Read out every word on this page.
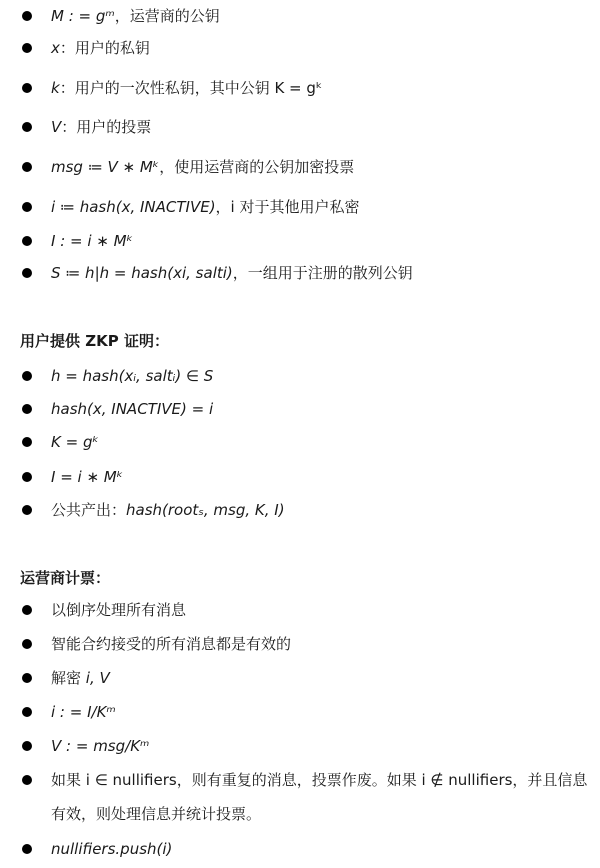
M : = gᵐ，运营商的公钥
x：用户的私钥
k：用户的一次性私钥，其中公钥 K = gᵏ
V：用户的投票
msg ≔ V ∗ Mᵏ，使用运营商的公钥加密投票
i ≔ hash(x, INACTIVE)，i 对于其他用户私密
I : = i ∗ Mᵏ
S ≔ h|h = hash(xi, salti)，一组用于注册的散列公钥
用户提供 ZKP 证明：
h = hash(xᵢ, saltᵢ) ∈ S
hash(x, INACTIVE) = i
K = gᵏ
I = i ∗ Mᵏ
公共产出：hash(rootₛ, msg, K, I)
运营商计票：
以倒序处理所有消息
智能合约接受的所有消息都是有效的
解密 i, V
i : = I/Kᵐ
V : = msg/Kᵐ
如果 i ∈ nullifiers，则有重复的消息，投票作废。如果 i ∉ nullifiers，并且信息有效，则处理信息并统计投票。
nullifiers.push(i)
